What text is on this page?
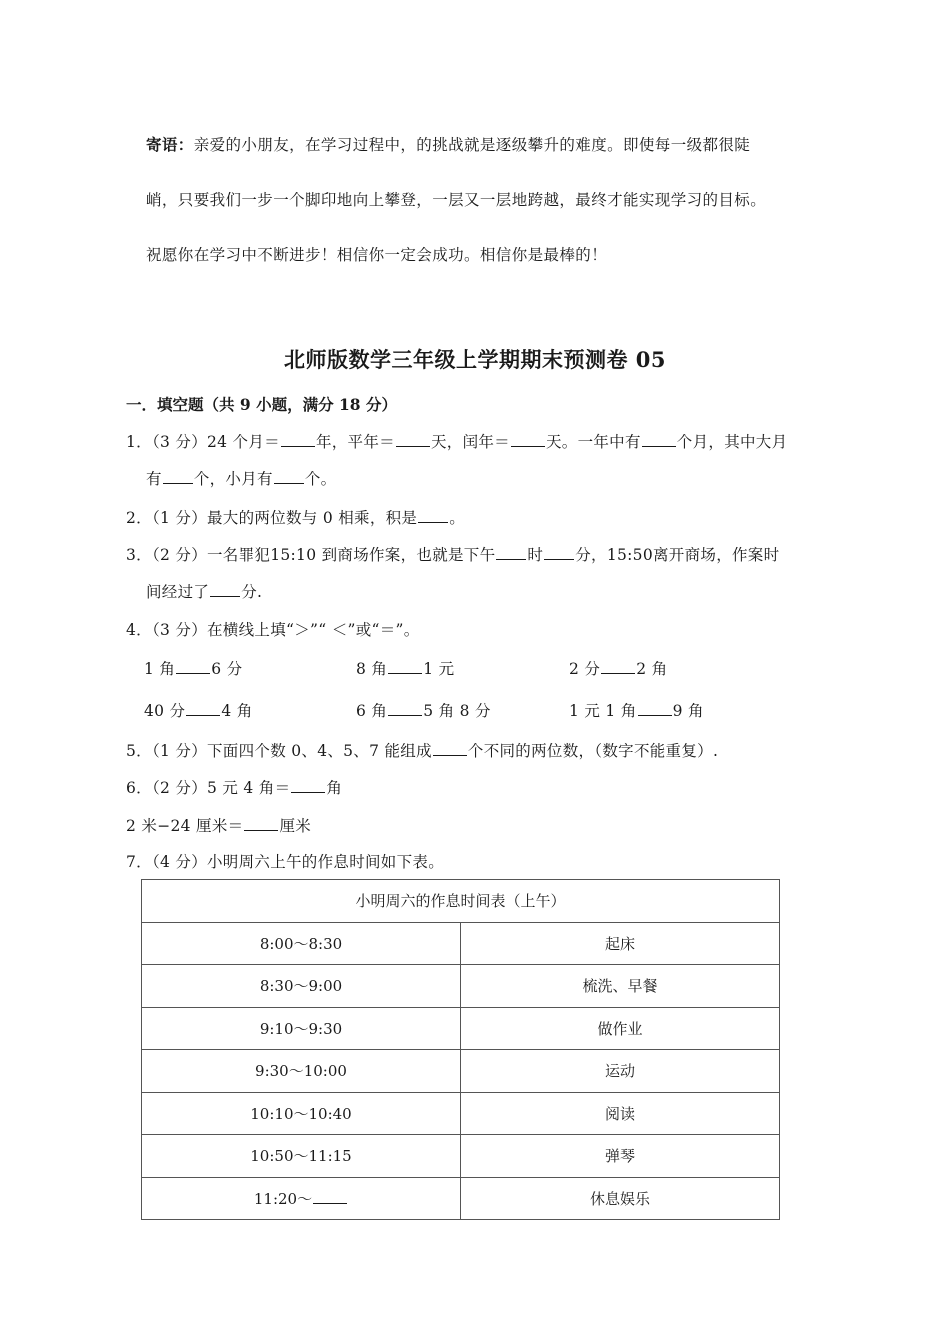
寄语：亲爱的小朋友，在学习过程中，的挑战就是逐级攀升的难度。即使每一级都很陡
峭，只要我们一步一个脚印地向上攀登，一层又一层地跨越，最终才能实现学习的目标。
祝愿你在学习中不断进步！相信你一定会成功。相信你是最棒的！
北师版数学三年级上学期期末预测卷 05
一．填空题（共 9 小题，满分 18 分）
1．（3 分）24 个月＝ 年，平年＝ 天，闰年＝ 天。一年中有 个月，其中大月
有 个，小月有 个。
2．（1 分）最大的两位数与 0 相乘，积是 。
3．（2 分）一名罪犯15:10 到商场作案，也就是下午 时 分，15:50离开商场，作案时
间经过了 分.
4．（3 分）在横线上填“＞”“ ＜”或“＝”。
1 角 6 分	8 角 1 元	2 分 2 角
40 分 4 角	6 角 5 角 8 分	1 元 1 角 9 角
5．（1 分）下面四个数 0、4、5、7 能组成 个不同的两位数，（数字不能重复）.
6．（2 分）5 元 4 角＝ 角
2 米−24 厘米＝ 厘米
7．（4 分）小明周六上午的作息时间如下表。
小明周六的作息时间表（上午）	
8:00～8:30	起床
8:30～9:00	梳洗、早餐
9:10～9:30	做作业
9:30～10:00	运动
10:10～10:40	阅读
10:50～11:15	弹琴
11:20～	休息娱乐
